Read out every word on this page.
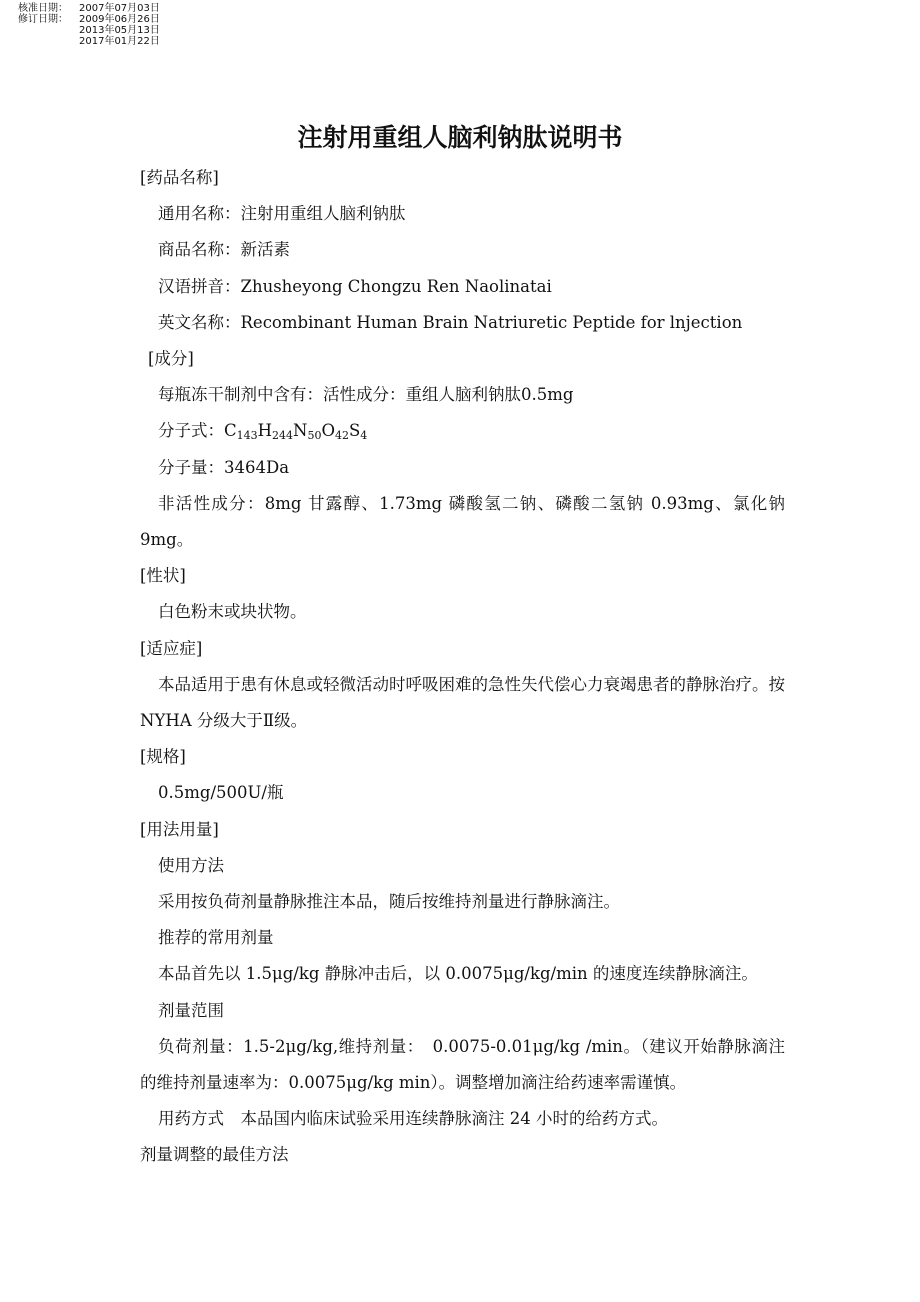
核准日期：	2007年07月03日
修订日期：	2009年06月26日
2013年05月13日
2017年01月22日
注射用重组人脑利钠肽说明书
[药品名称]
通用名称：注射用重组人脑利钠肽
商品名称：新活素
汉语拼音：Zhusheyong Chongzu Ren Naolinatai
英文名称：Recombinant Human Brain Natriuretic Peptide for lnjection
[成分]
每瓶冻干制剂中含有：活性成分：重组人脑利钠肽0.5mg
分子式：$C_{143}H_{244}N_{50}O_{42}S_4$
分子量：3464Da
非活性成分：8mg 甘露醇、1.73mg 磷酸氢二钠、磷酸二氢钠 0.93mg、氯化钠 9mg。
[性状]
白色粉末或块状物。
[适应症]
本品适用于患有休息或轻微活动时呼吸困难的急性失代偿心力衰竭患者的静脉治疗。按 NYHA 分级大于Ⅱ级。
[规格]
0.5mg/500U/瓶
[用法用量]
使用方法
采用按负荷剂量静脉推注本品，随后按维持剂量进行静脉滴注。
推荐的常用剂量
本品首先以 1.5μg/kg 静脉冲击后，以 0.0075μg/kg/min 的速度连续静脉滴注。
剂量范围
负荷剂量：1.5-2μg/kg,维持剂量：　0.0075-0.01μg/kg /min。（建议开始静脉滴注的维持剂量速率为：0.0075μg/kg min）。调整增加滴注给药速率需谨慎。
用药方式　本品国内临床试验采用连续静脉滴注 24 小时的给药方式。
剂量调整的最佳方法
